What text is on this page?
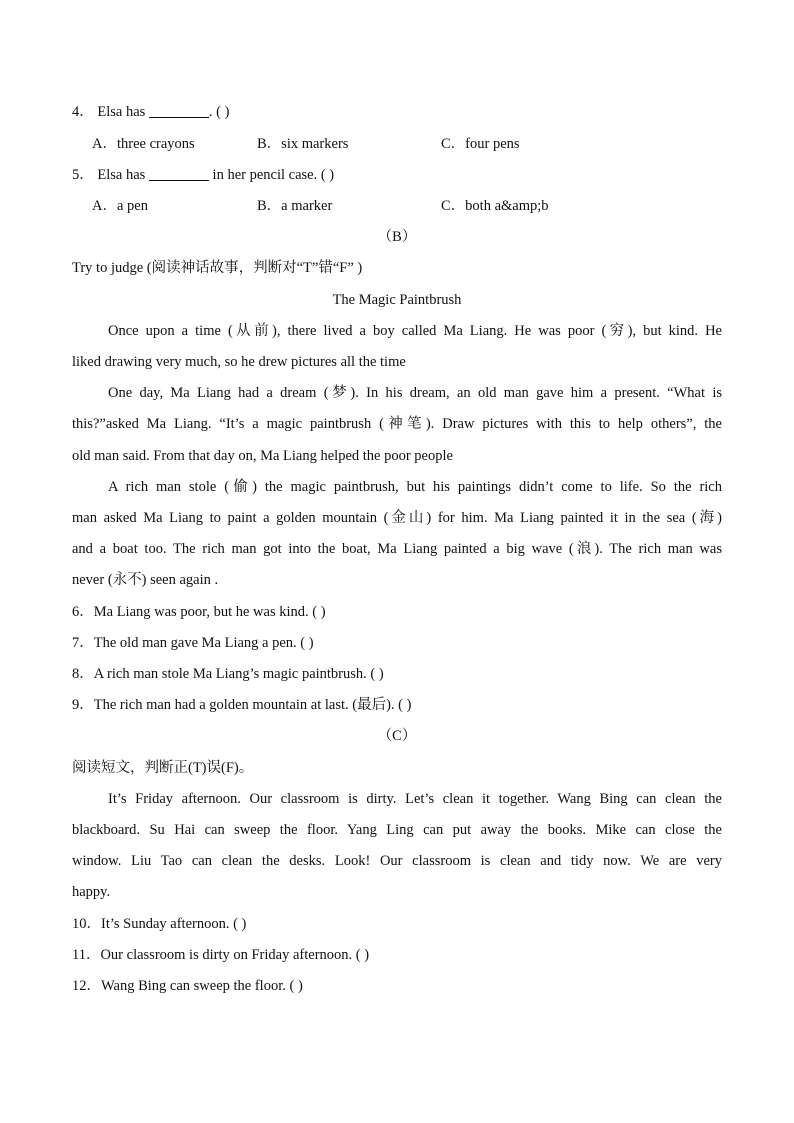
4． Elsa has	. ( )
A．three crayons	B．six markers	C．four pens
5． Elsa has	in her pencil case. ( )
A．a pen	B．a marker	C．both a&amp;b
（B）
Try to judge (阅读神话故事，判断对“T”错“F” )
The Magic Paintbrush
Once upon a time (从前), there lived a boy called Ma Liang. He was poor (穷), but kind. He
liked drawing very much, so he drew pictures all the time
One day, Ma Liang had a dream (梦). In his dream, an old man gave him a present. “What is
this?”asked Ma Liang. “It’s a magic paintbrush (神笔). Draw pictures with this to help others”, the
old man said. From that day on, Ma Liang helped the poor people
A rich man stole (偷) the magic paintbrush, but his paintings didn’t come to life. So the rich
man asked Ma Liang to paint a golden mountain (金山) for him. Ma Liang painted it in the sea (海)
and a boat too. The rich man got into the boat, Ma Liang painted a big wave (浪). The rich man was
never (永不) seen again .
6．Ma Liang was poor, but he was kind. ( )
7．The old man gave Ma Liang a pen. ( )
8．A rich man stole Ma Liang’s magic paintbrush. ( )
9．The rich man had a golden mountain at last. (最后). ( )
（C）
阅读短文，判断正(T)误(F)。
It’s Friday afternoon. Our classroom is dirty. Let’s clean it together. Wang Bing can clean the
blackboard. Su Hai can sweep the floor. Yang Ling can put away the books. Mike can close the
window. Liu Tao can clean the desks. Look! Our classroom is clean and tidy now. We are very
happy.
10．It’s Sunday afternoon. ( )
11．Our classroom is dirty on Friday afternoon. ( )
12．Wang Bing can sweep the floor. ( )
